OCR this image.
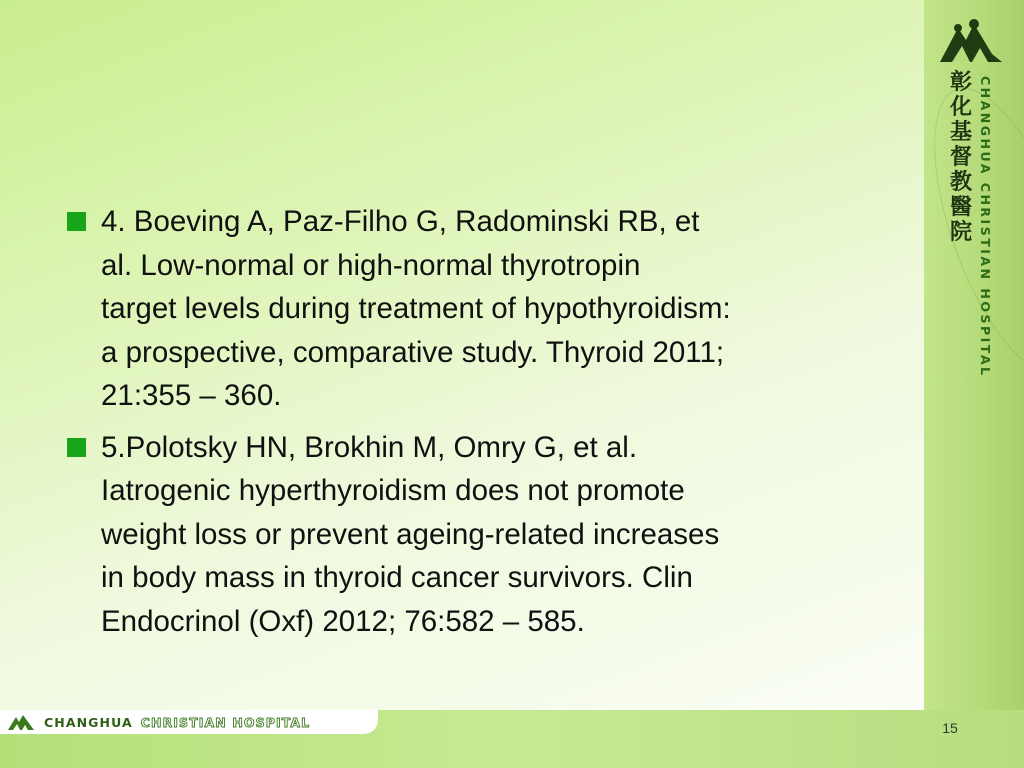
彰
化
基
督
教
醫
院 CHANGHUA CHRISTIAN HOSPITAL
4. Boeving A, Paz-Filho G, Radominski RB, et
al. Low-normal or high-normal thyrotropin
target levels during treatment of hypothyroidism:
a prospective, comparative study. Thyroid 2011;
21:355 – 360.
5.Polotsky HN, Brokhin M, Omry G, et al.
Iatrogenic hyperthyroidism does not promote
weight loss or prevent ageing-related increases
in body mass in thyroid cancer survivors. Clin
Endocrinol (Oxf) 2012; 76:582 – 585.
CHANGHUA CHRISTIAN HOSPITAL	15
